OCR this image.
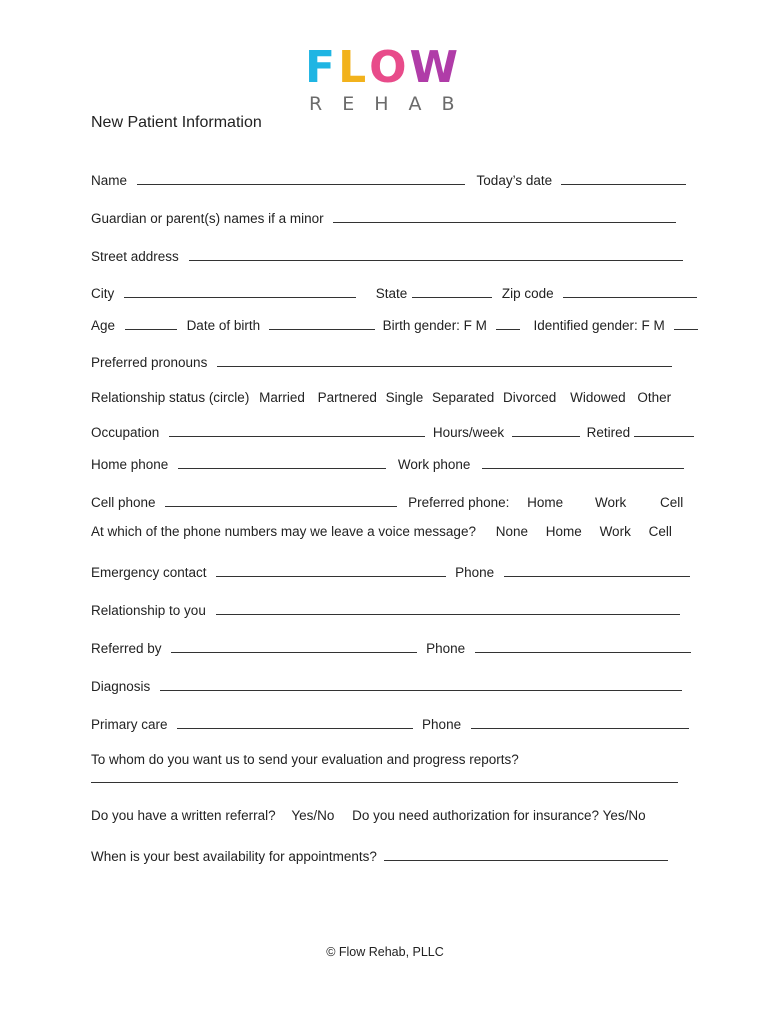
F L O W
REHAB
New Patient Information
Name	Today’s date
Guardian or parent(s) names if a minor
Street address
City	State	Zip code
Age	Date of birth	Birth gender: F M	Identified gender: F M
Preferred pronouns
Relationship status (circle) Married Partnered Single Separated Divorced Widowed Other
Occupation	Hours/week	Retired
Home phone	Work phone
Cell phone	Preferred phone: Home Work	Cell
At which of the phone numbers may we leave a voice message? None Home Work Cell
Emergency contact	Phone
Relationship to you
Referred by	Phone
Diagnosis
Primary care	Phone
To whom do you want us to send your evaluation and progress reports?
Do you have a written referral? Yes/No Do you need authorization for insurance? Yes/No
When is your best availability for appointments?
© Flow Rehab, PLLC
